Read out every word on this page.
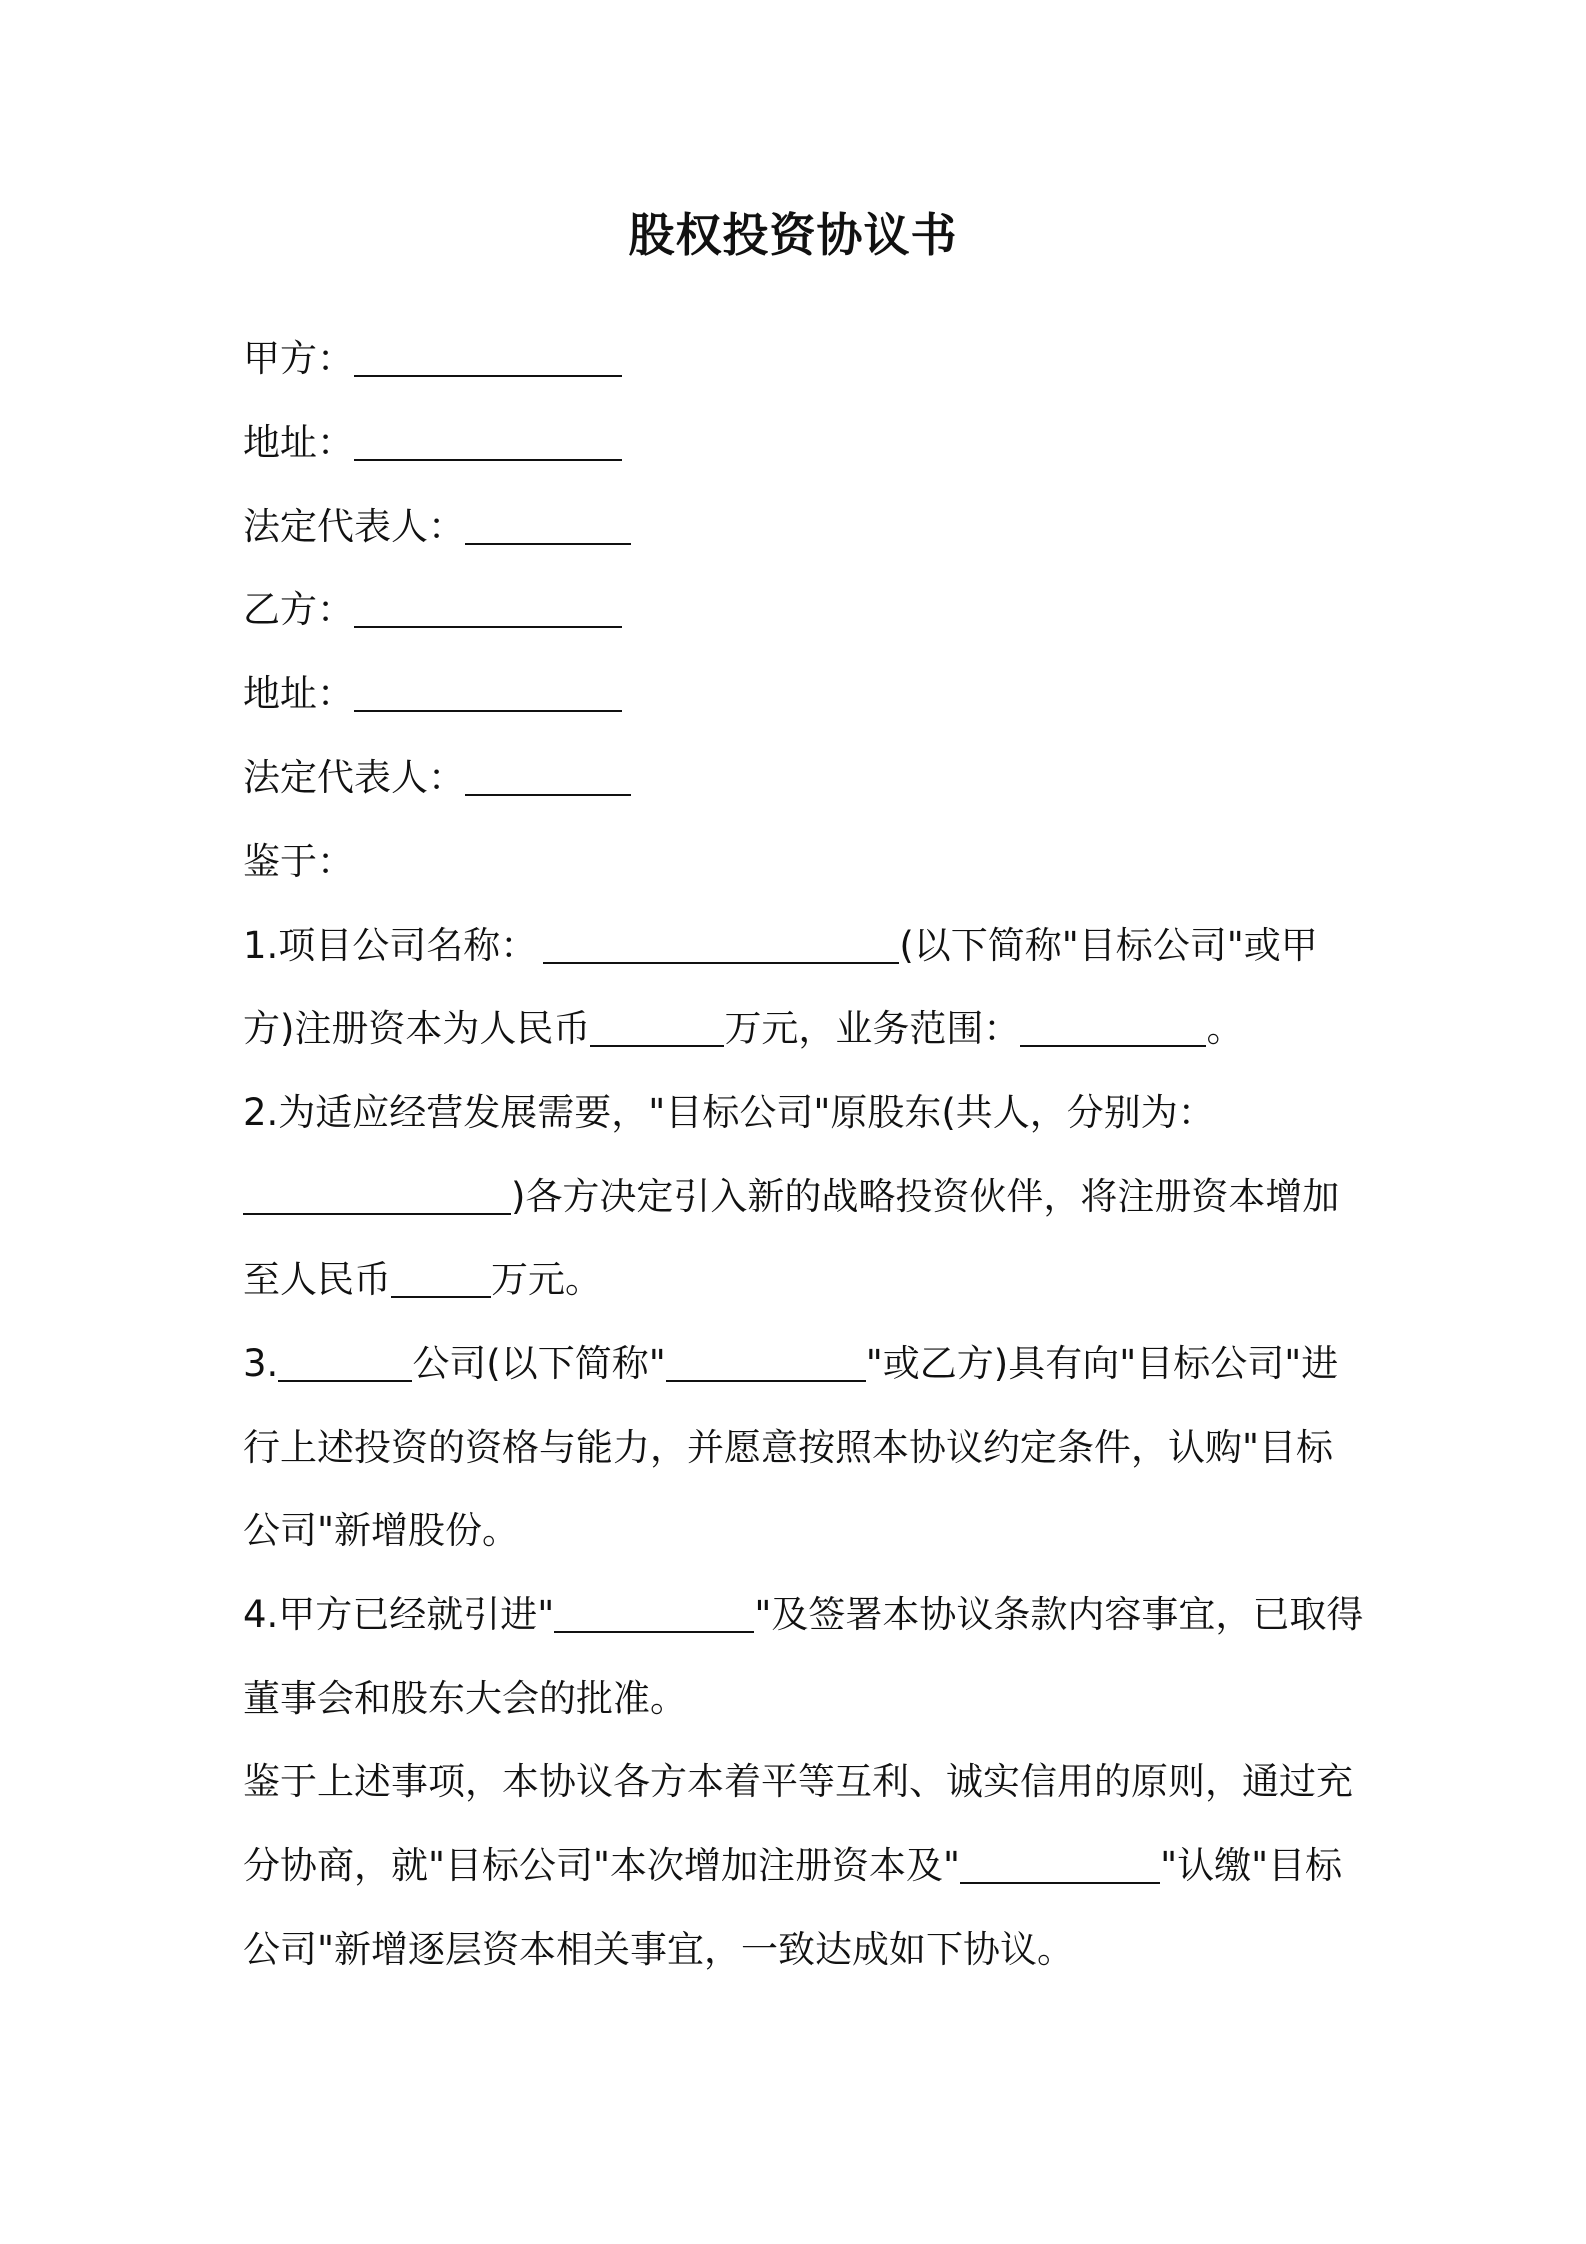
股权投资协议书
甲方：
地址：
法定代表人：
乙方：
地址：
法定代表人：
鉴于：
1.项目公司名称：	(以下简称"目标公司"或甲
方)注册资本为人民币	万元，业务范围：	。
2.为适应经营发展需要，"目标公司"原股东(共人，分别为：
)各方决定引入新的战略投资伙伴，将注册资本增加
至人民币	万元。
3.	公司(以下简称"	"或乙方)具有向"目标公司"进
行上述投资的资格与能力，并愿意按照本协议约定条件，认购"目标
公司"新增股份。
4.甲方已经就引进"	"及签署本协议条款内容事宜，已取得
董事会和股东大会的批准。
鉴于上述事项，本协议各方本着平等互利、诚实信用的原则，通过充
分协商，就"目标公司"本次增加注册资本及"	"认缴"目标
公司"新增逐层资本相关事宜，一致达成如下协议。
